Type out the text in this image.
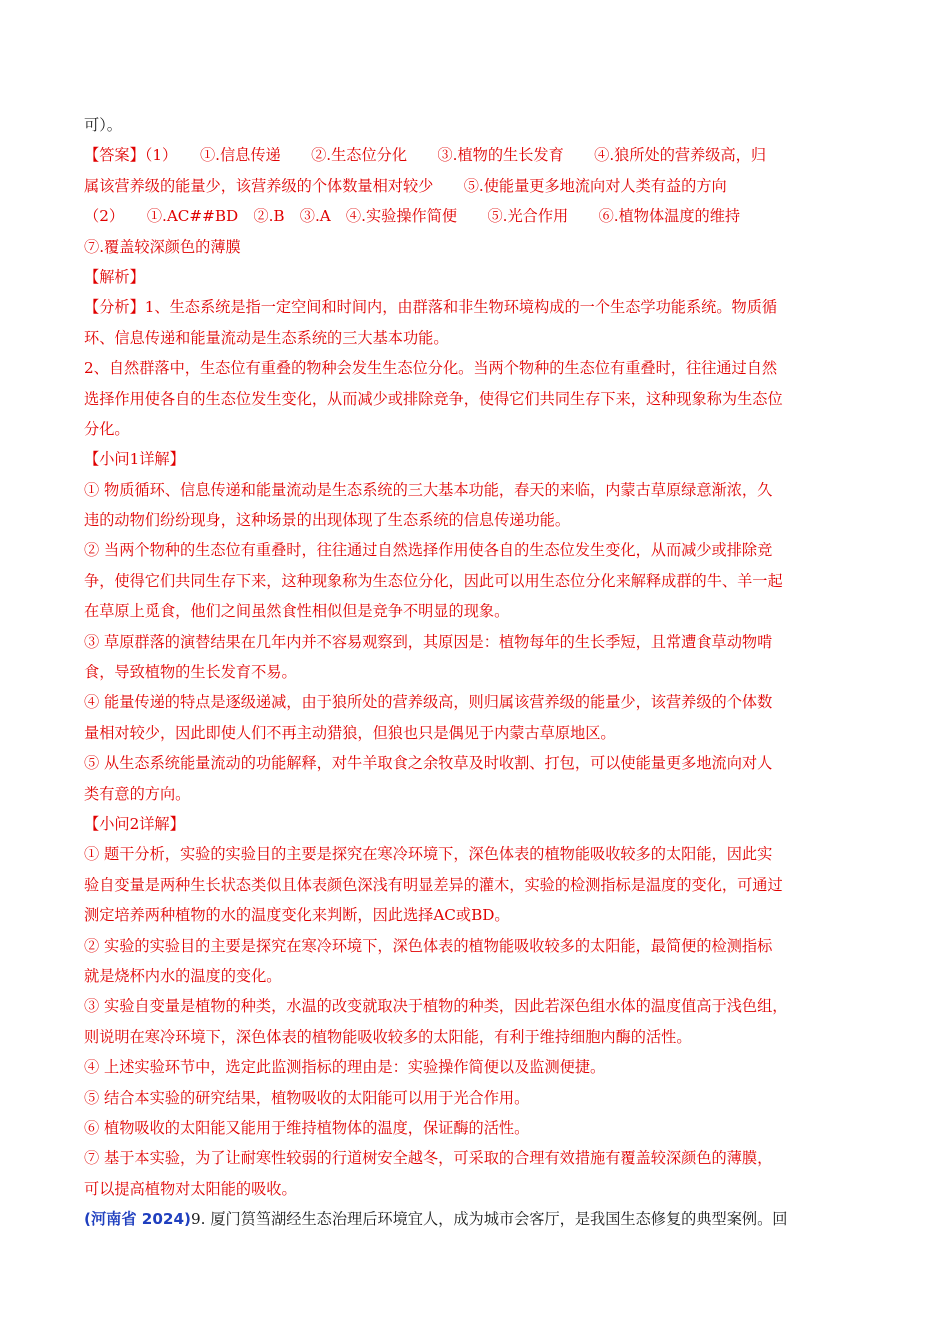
可）。
【答案】（1）　　①.信息传递　　②.生态位分化　　③.植物的生长发育　　④.狼所处的营养级高，归
属该营养级的能量少，该营养级的个体数量相对较少　　⑤.使能量更多地流向对人类有益的方向
（2）　　①.AC##BD　②.B　③.A　④.实验操作简便　　⑤.光合作用　　⑥.植物体温度的维持
⑦.覆盖较深颜色的薄膜
【解析】
【分析】1、生态系统是指一定空间和时间内，由群落和非生物环境构成的一个生态学功能系统。物质循
环、信息传递和能量流动是生态系统的三大基本功能。
2、自然群落中，生态位有重叠的物种会发生生态位分化。当两个物种的生态位有重叠时，往往通过自然
选择作用使各自的生态位发生变化，从而减少或排除竞争，使得它们共同生存下来，这种现象称为生态位
分化。
【小问1详解】
① 物质循环、信息传递和能量流动是生态系统的三大基本功能，春天的来临，内蒙古草原绿意渐浓，久
违的动物们纷纷现身，这种场景的出现体现了生态系统的信息传递功能。
② 当两个物种的生态位有重叠时，往往通过自然选择作用使各自的生态位发生变化，从而减少或排除竞
争，使得它们共同生存下来，这种现象称为生态位分化，因此可以用生态位分化来解释成群的牛、羊一起
在草原上觅食，他们之间虽然食性相似但是竞争不明显的现象。
③ 草原群落的演替结果在几年内并不容易观察到，其原因是：植物每年的生长季短，且常遭食草动物啃
食，导致植物的生长发育不易。
④ 能量传递的特点是逐级递减，由于狼所处的营养级高，则归属该营养级的能量少，该营养级的个体数
量相对较少，因此即使人们不再主动猎狼，但狼也只是偶见于内蒙古草原地区。
⑤ 从生态系统能量流动的功能解释，对牛羊取食之余牧草及时收割、打包，可以使能量更多地流向对人
类有意的方向。
【小问2详解】
① 题干分析，实验的实验目的主要是探究在寒冷环境下，深色体表的植物能吸收较多的太阳能，因此实
验自变量是两种生长状态类似且体表颜色深浅有明显差异的灌木，实验的检测指标是温度的变化，可通过
测定培养两种植物的水的温度变化来判断，因此选择AC或BD。
② 实验的实验目的主要是探究在寒冷环境下，深色体表的植物能吸收较多的太阳能，最简便的检测指标
就是烧杯内水的温度的变化。
③ 实验自变量是植物的种类，水温的改变就取决于植物的种类，因此若深色组水体的温度值高于浅色组，
则说明在寒冷环境下，深色体表的植物能吸收较多的太阳能，有利于维持细胞内酶的活性。
④ 上述实验环节中，选定此监测指标的理由是：实验操作简便以及监测便捷。
⑤ 结合本实验的研究结果，植物吸收的太阳能可以用于光合作用。
⑥ 植物吸收的太阳能又能用于维持植物体的温度，保证酶的活性。
⑦ 基于本实验，为了让耐寒性较弱的行道树安全越冬，可采取的合理有效措施有覆盖较深颜色的薄膜，
可以提高植物对太阳能的吸收。
(河南省 2024)9. 厦门筼筜湖经生态治理后环境宜人，成为城市会客厅，是我国生态修复的典型案例。回
